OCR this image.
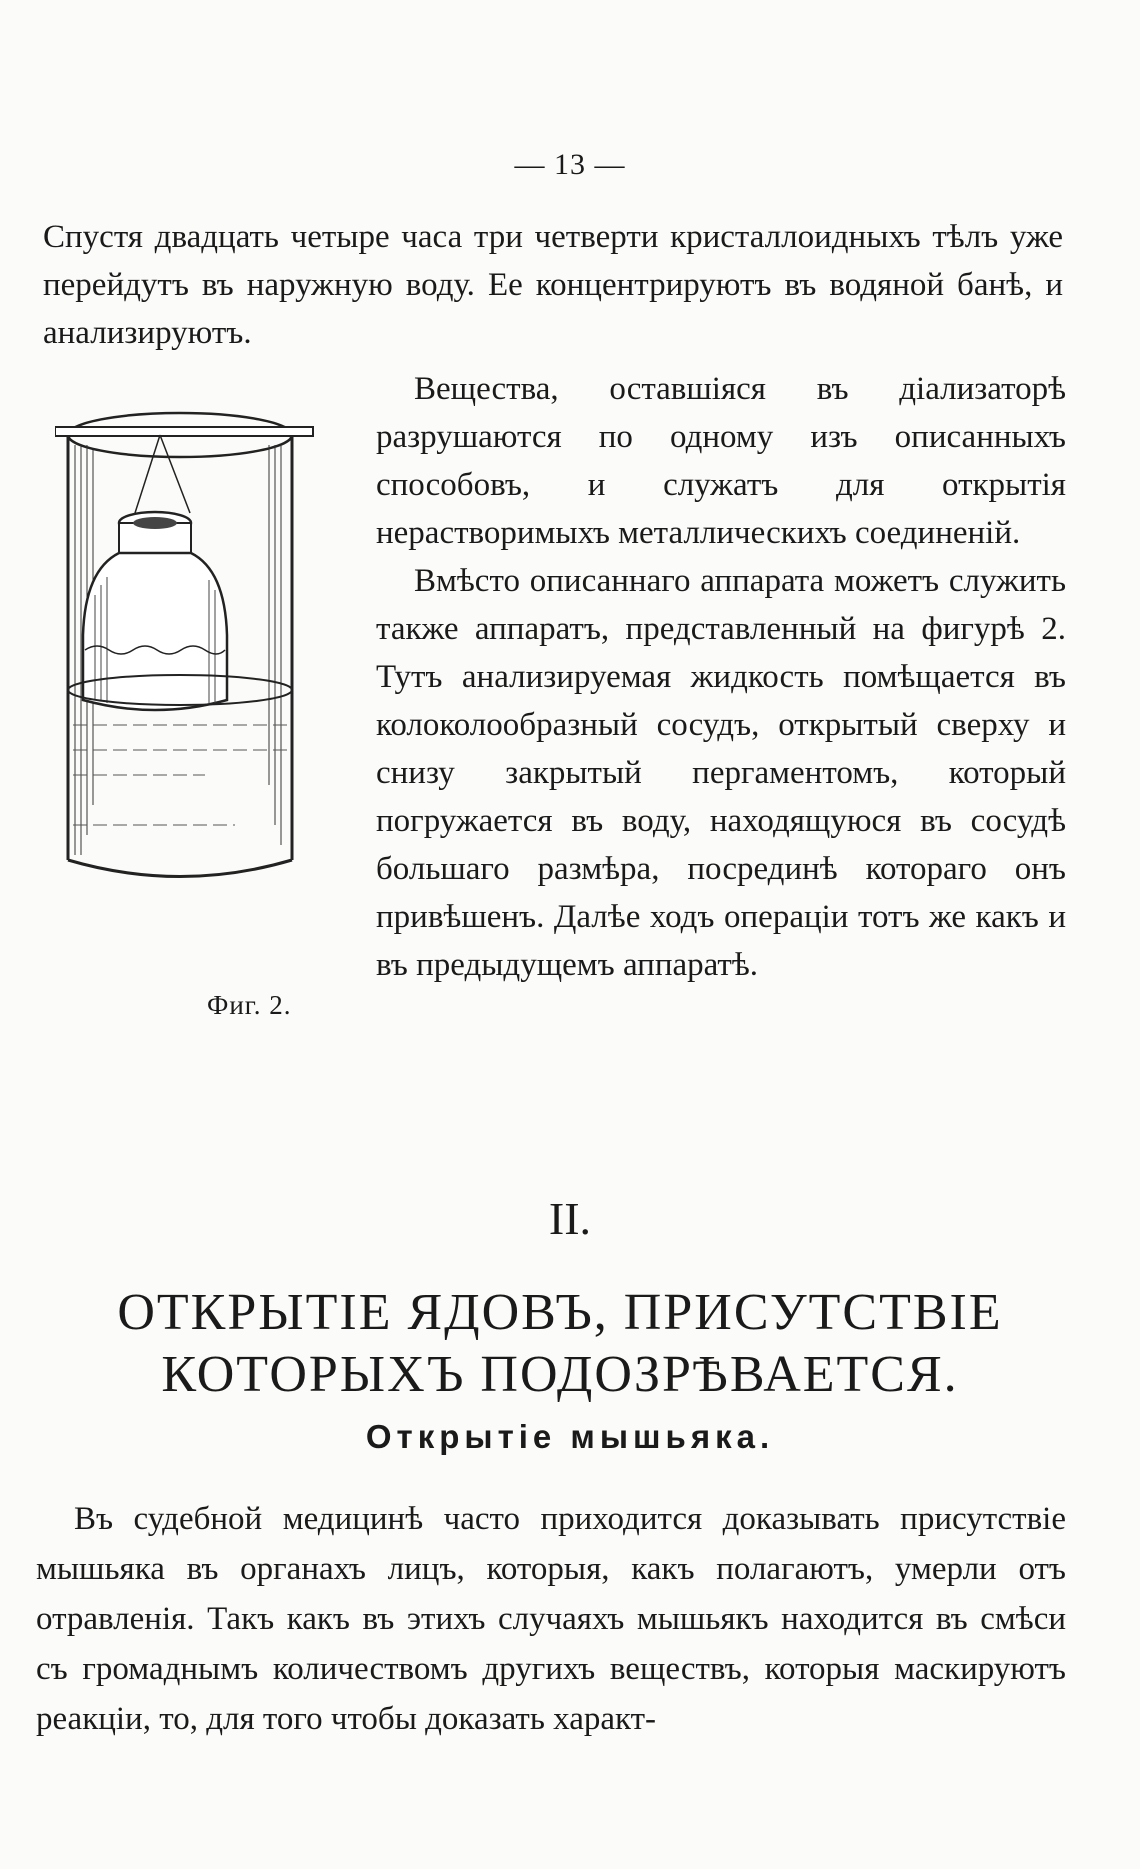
— 13 —

Спустя двадцать четыре часа три четверти кристаллоидныхъ тѣлъ уже перейдутъ въ наружную воду. Ее концентрируютъ въ водяной банѣ, и анализируютъ.

Фиг. 2.

Вещества, оставшiяся въ дiализаторѣ разрушаются по одному изъ описанныхъ способовъ, и служатъ для открытiя нерастворимыхъ металлическихъ соединенiй.

Вмѣсто описаннаго аппарата можетъ служить также аппаратъ, представленный на фигурѣ 2. Тутъ анализируемая жидкость помѣщается въ колоколообразный сосудъ, открытый сверху и снизу закрытый пергаментомъ, который погружается въ воду, находящуюся въ сосудѣ большаго размѣра, посрединѣ котораго онъ привѣшенъ. Далѣе ходъ операцiи тотъ же какъ и въ предыдущемъ аппаратѣ.

II.
ОТКРЫТIЕ ЯДОВЪ, ПРИСУТСТВIЕ КОТОРЫХЪ ПОДОЗРѢВАЕТСЯ.
Открытiе мышьяка.

Въ судебной медицинѣ часто приходится доказывать присутствiе мышьяка въ органахъ лицъ, которыя, какъ полагаютъ, умерли отъ отравленiя. Такъ какъ въ этихъ случаяхъ мышьякъ находится въ смѣси съ громаднымъ количествомъ другихъ веществъ, которыя маскируютъ реакцiи, то, для того чтобы доказать характ-
